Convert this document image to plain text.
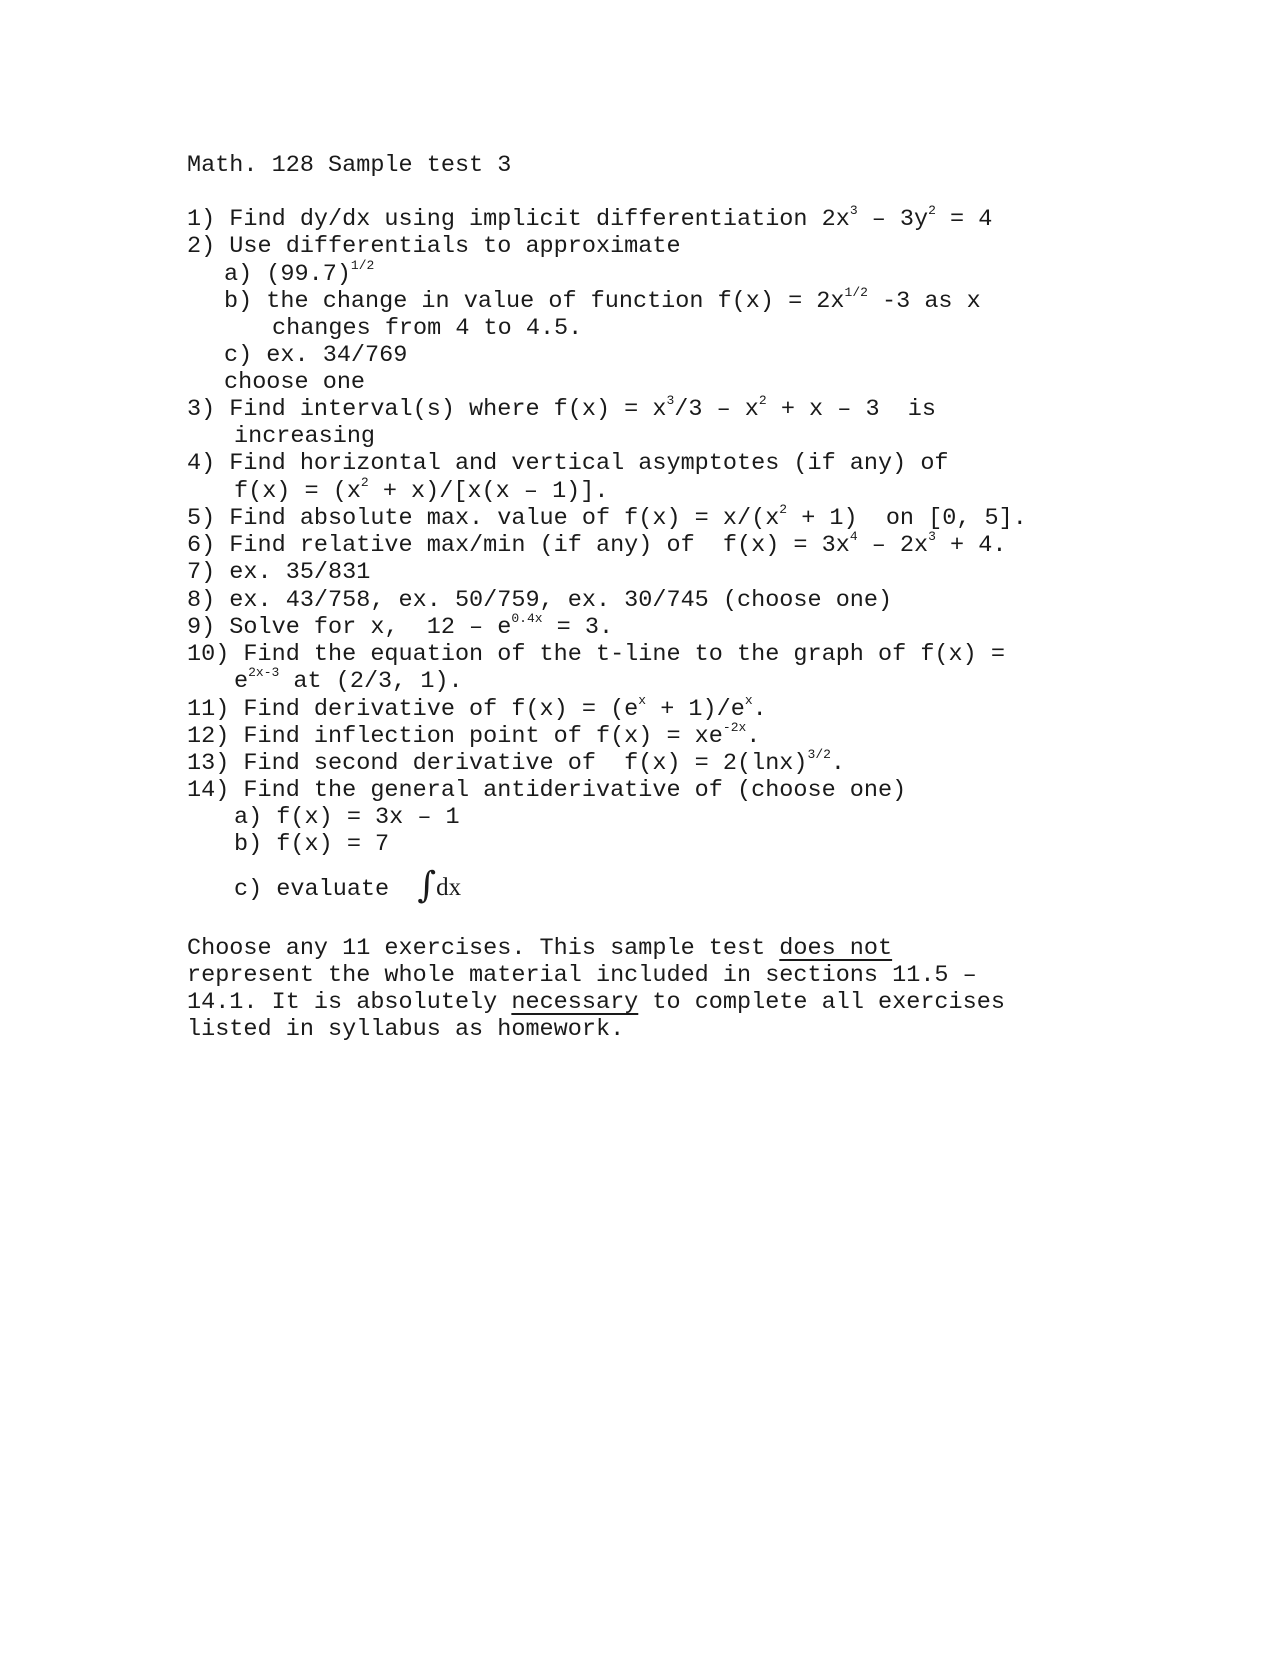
Math. 128 Sample test 3
1) Find dy/dx using implicit differentiation $2x^3 - 3y^2 = 4$
2) Use differentials to approximate
a) $(99.7)^{1/2}$
b) the change in value of function $f(x) = 2x^{1/2}$ -3 as x
changes from 4 to 4.5.
c) ex. 34/769
choose one
3) Find interval(s) where $f(x) = x^3/3 - x^2 + x - 3$  is
increasing
4) Find horizontal and vertical asymptotes (if any) of
$f(x) = (x^2 + x)/[x(x - 1)]$.
5) Find absolute max. value of $f(x) = x/(x^2 + 1)$  on [0, 5].
6) Find relative max/min (if any) of  $f(x) = 3x^4 - 2x^3 + 4$.
7) ex. 35/831
8) ex. 43/758, ex. 50/759, ex. 30/745 (choose one)
9) Solve for x,  $12 - e^{0.4x} = 3$.
10) Find the equation of the t-line to the graph of f(x) =
$e^{2x-3}$ at (2/3, 1).
11) Find derivative of $f(x) = (e^x + 1)/e^x$.
12) Find inflection point of $f(x) = xe^{-2x}$.
13) Find second derivative of  $f(x) = 2(\ln x)^{3/2}$.
14) Find the general antiderivative of (choose one)
a) f(x) = 3x – 1
b) f(x) = 7
c) evaluate  ∫dx
Choose any 11 exercises. This sample test does not
represent the whole material included in sections 11.5 –
14.1. It is absolutely necessary to complete all exercises
listed in syllabus as homework.
